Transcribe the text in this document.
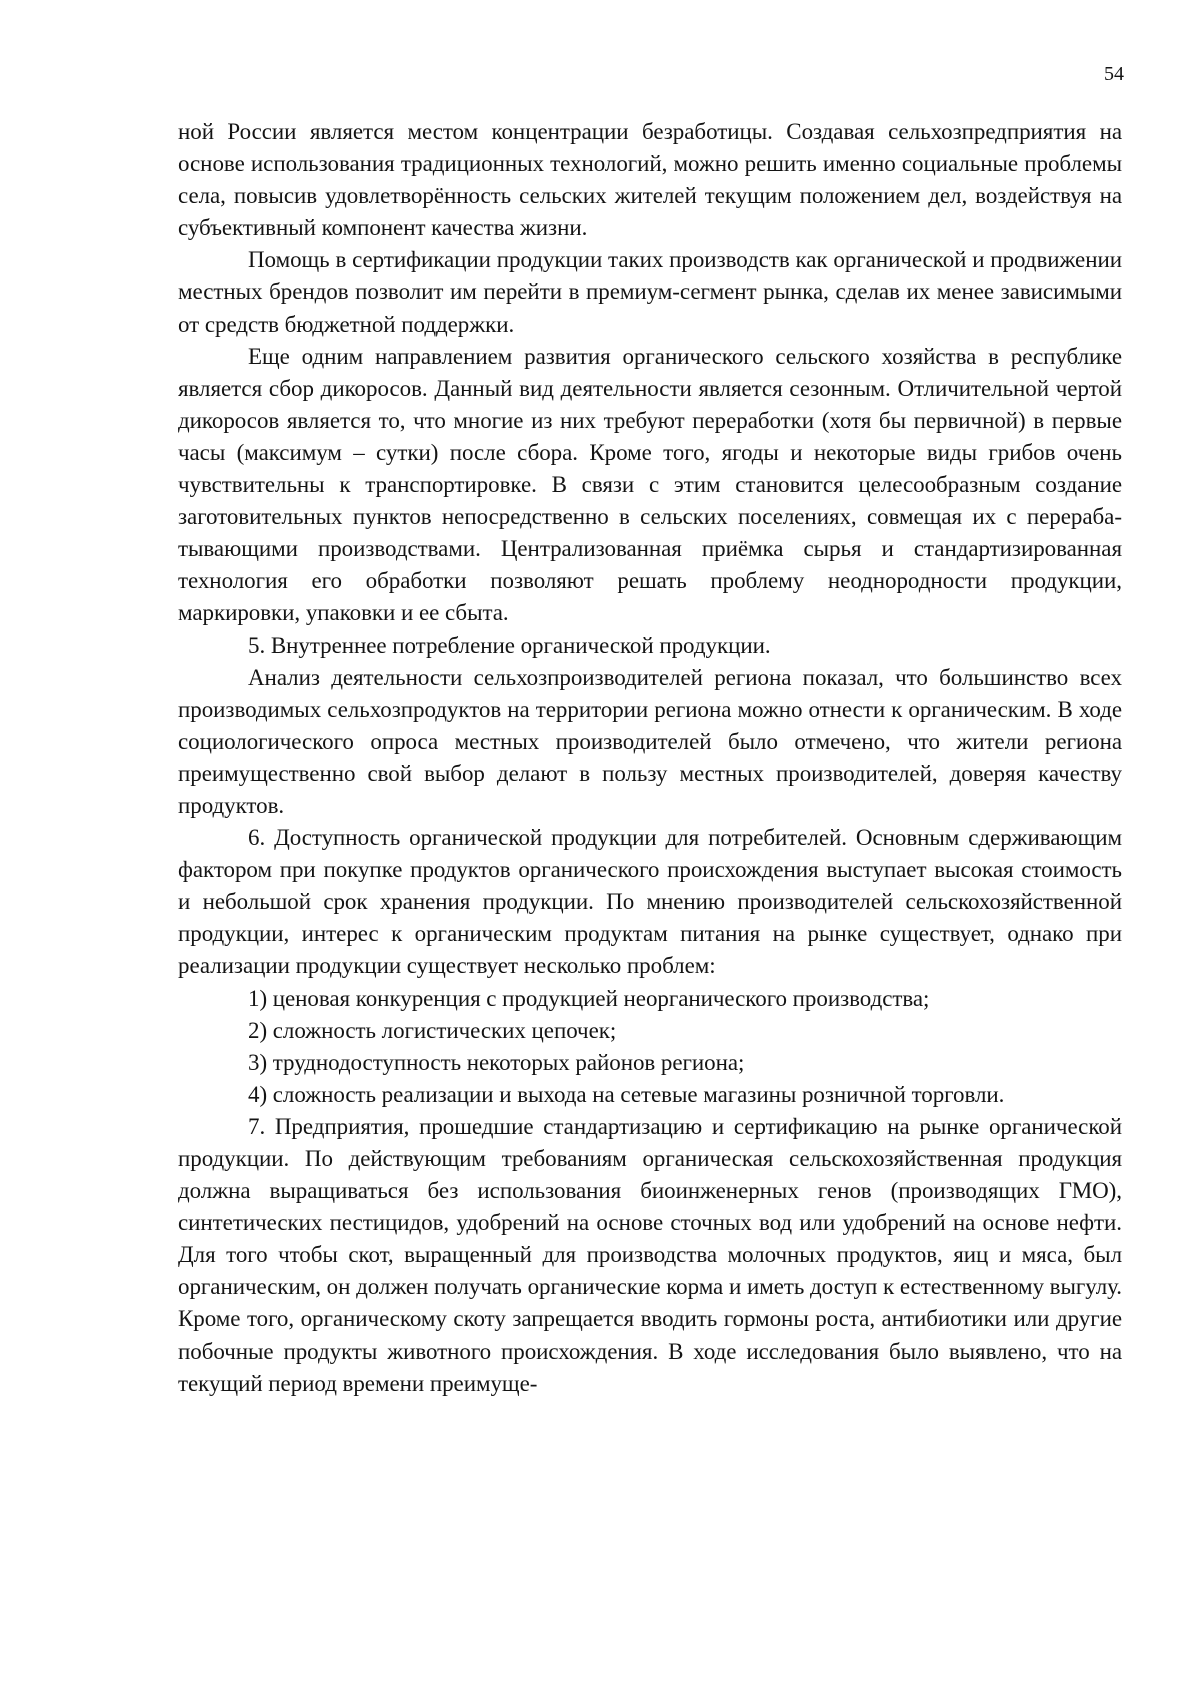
54

ной России является местом концентрации безработицы. Создавая сельхозпредприятия на основе использования традиционных технологий, можно решить именно социальные проблемы села, повысив удовлетворённость сельских жителей текущим положением дел, воздействуя на субъективный компонент качества жизни.

Помощь в сертификации продукции таких производств как органической и продвижении местных брендов позволит им перейти в премиум-сегмент рынка, сделав их менее зависимыми от средств бюджетной поддержки.

Еще одним направлением развития органического сельского хозяйства в республике является сбор дикоросов. Данный вид деятельности является сезонным. Отличительной чертой дикоросов является то, что многие из них требуют переработки (хотя бы первичной) в первые часы (максимум – сутки) после сбора. Кроме того, ягоды и некоторые виды грибов очень чувствительны к транспортировке. В связи с этим становится целесообразным создание заготовительных пунктов непосредственно в сельских поселениях, совмещая их с перерабатывающими производствами. Централизованная приёмка сырья и стандартизированная технология его обработки позволяют решать проблему неоднородности продукции, маркировки, упаковки и ее сбыта.

5. Внутреннее потребление органической продукции.

Анализ деятельности сельхозпроизводителей региона показал, что большинство всех производимых сельхозпродуктов на территории региона можно отнести к органическим. В ходе социологического опроса местных производителей было отмечено, что жители региона преимущественно свой выбор делают в пользу местных производителей, доверяя качеству продуктов.

6. Доступность органической продукции для потребителей. Основным сдерживающим фактором при покупке продуктов органического происхождения выступает высокая стоимость и небольшой срок хранения продукции. По мнению производителей сельскохозяйственной продукции, интерес к органическим продуктам питания на рынке существует, однако при реализации продукции существует несколько проблем:

1) ценовая конкуренция с продукцией неорганического производства;

2) сложность логистических цепочек;

3) труднодоступность некоторых районов региона;

4) сложность реализации и выхода на сетевые магазины розничной торговли.

7. Предприятия, прошедшие стандартизацию и сертификацию на рынке органической продукции. По действующим требованиям органическая сельскохозяйственная продукция должна выращиваться без использования биоинженерных генов (производящих ГМО), синтетических пестицидов, удобрений на основе сточных вод или удобрений на основе нефти. Для того чтобы скот, выращенный для производства молочных продуктов, яиц и мяса, был органическим, он должен получать органические корма и иметь доступ к естественному выгулу. Кроме того, органическому скоту запрещается вводить гормоны роста, антибиотики или другие побочные продукты животного происхождения. В ходе исследования было выявлено, что на текущий период времени преимуще-
